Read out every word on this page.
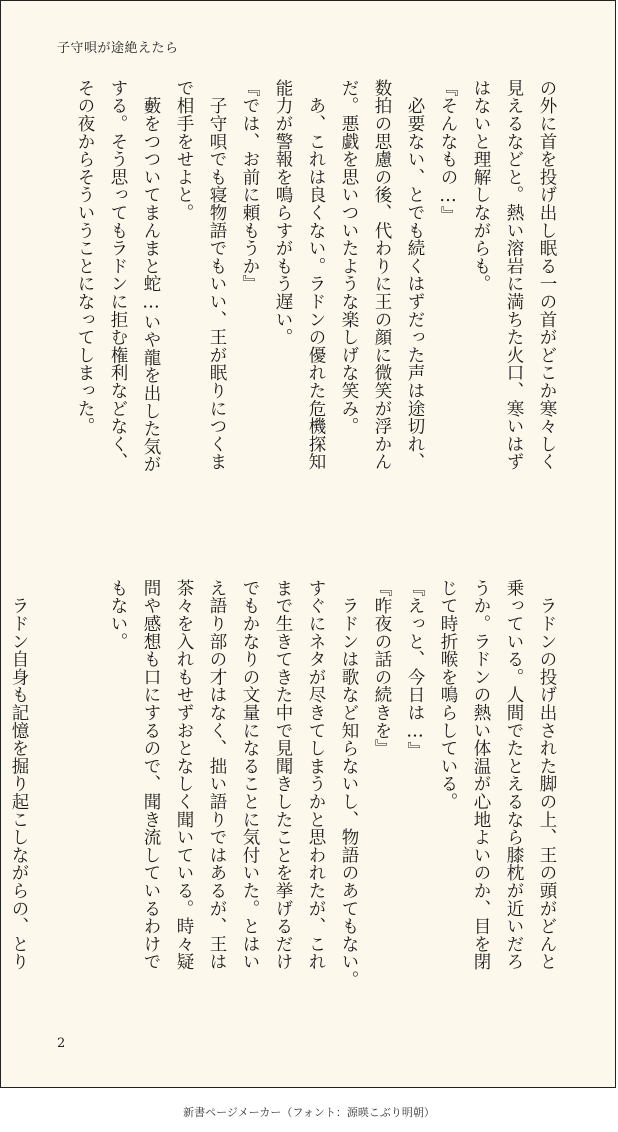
子守唄が途絶えたら
の外に首を投げ出し眠る一の首がどこか寒々しく
見えるなどと。熱い溶岩に満ちた火口、寒いはず
はないと理解しながらも。
『そんなもの…』
　必要ない、とでも続くはずだった声は途切れ、
数拍の思慮の後、代わりに王の顔に微笑が浮かん
だ。悪戯を思いついたような楽しげな笑み。
　あ、これは良くない。ラドンの優れた危機探知
能力が警報を鳴らすがもう遅い。
『では、お前に頼もうか』
　子守唄でも寝物語でもいい、王が眠りにつくま
で相手をせよと。
　藪をつついてまんまと蛇…いや龍を出した気が
する。そう思ってもラドンに拒む権利などなく、
その夜からそういうことになってしまった。
　ラドンの投げ出された脚の上、王の頭がどんと
乗っている。人間でたとえるなら膝枕が近いだろ
うか。ラドンの熱い体温が心地よいのか、目を閉
じて時折喉を鳴らしている。
『えっと、今日は…』
『昨夜の話の続きを』
　ラドンは歌など知らないし、物語のあてもない。
すぐにネタが尽きてしまうかと思われたが、これ
まで生きてきた中で見聞きしたことを挙げるだけ
でもかなりの文量になることに気付いた。とはい
え語り部の才はなく、拙い語りではあるが、王は
茶々を入れもせずおとなしく聞いている。時々疑
問や感想も口にするので、聞き流しているわけで
もない。

　ラドン自身も記憶を掘り起こしながらの、とり
2
新書ページメーカー（フォント：源暎こぶり明朝）
